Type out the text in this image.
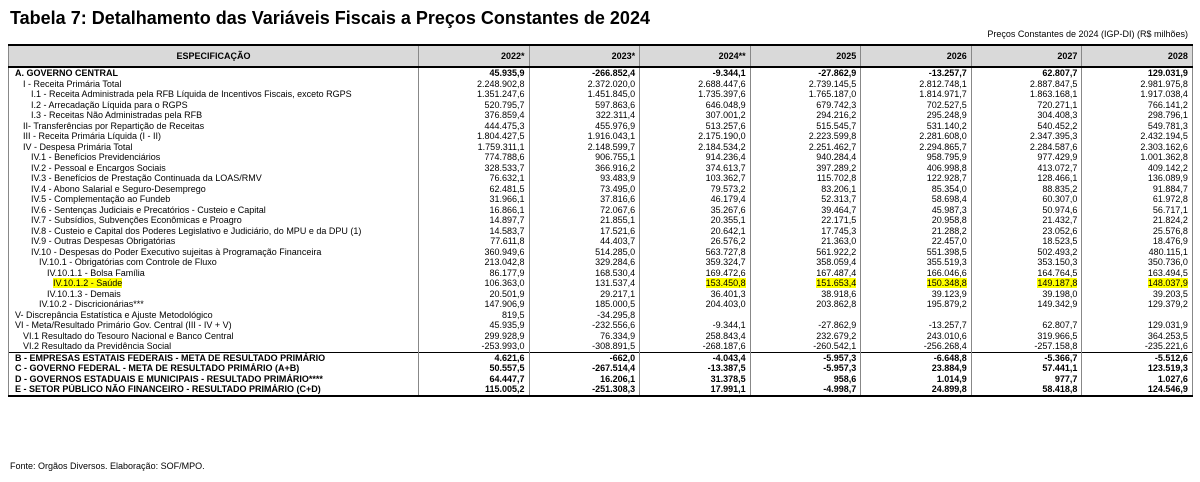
Tabela 7: Detalhamento das Variáveis Fiscais a Preços Constantes de 2024
Preços Constantes de 2024 (IGP-DI) (R$ milhões)
ESPECIFICAÇÃO	2022*	2023*	2024**	2025	2026	2027	2028
A. GOVERNO CENTRAL	45.935,9	-266.852,4	-9.344,1	-27.862,9	-13.257,7	62.807,7	129.031,9
I - Receita Primária Total	2.248.902,8	2.372.020,0	2.688.447,6	2.739.145,5	2.812.748,1	2.887.847,5	2.981.975,8
I.1 - Receita Administrada pela RFB Líquida de Incentivos Fiscais, exceto RGPS	1.351.247,6	1.451.845,0	1.735.397,6	1.765.187,0	1.814.971,7	1.863.168,1	1.917.038,4
I.2 - Arrecadação Líquida para o RGPS	520.795,7	597.863,6	646.048,9	679.742,3	702.527,5	720.271,1	766.141,2
I.3 - Receitas Não Administradas pela RFB	376.859,4	322.311,4	307.001,2	294.216,2	295.248,9	304.408,3	298.796,1
II- Transferências por Repartição de Receitas	444.475,3	455.976,9	513.257,6	515.545,7	531.140,2	540.452,2	549.781,3
III - Receita Primária Líquida (I - II)	1.804.427,5	1.916.043,1	2.175.190,0	2.223.599,8	2.281.608,0	2.347.395,3	2.432.194,5
IV - Despesa Primária Total	1.759.311,1	2.148.599,7	2.184.534,2	2.251.462,7	2.294.865,7	2.284.587,6	2.303.162,6
IV.1 - Benefícios Previdenciários	774.788,6	906.755,1	914.236,4	940.284,4	958.795,9	977.429,9	1.001.362,8
IV.2 - Pessoal e Encargos Sociais	328.533,7	366.916,2	374.613,7	397.289,2	406.998,8	413.072,7	409.142,2
IV.3 - Benefícios de Prestação Continuada da LOAS/RMV	76.632,1	93.483,9	103.362,7	115.702,8	122.928,7	128.466,1	136.089,9
IV.4 - Abono Salarial e Seguro-Desemprego	62.481,5	73.495,0	79.573,2	83.206,1	85.354,0	88.835,2	91.884,7
IV.5 - Complementação ao Fundeb	31.966,1	37.816,6	46.179,4	52.313,7	58.698,4	60.307,0	61.972,8
IV.6 - Sentenças Judiciais e Precatórios - Custeio e Capital	16.866,1	72.067,6	35.267,6	39.464,7	45.987,3	50.974,6	56.717,1
IV.7 - Subsídios, Subvenções Econômicas e Proagro	14.897,7	21.855,1	20.355,1	22.171,5	20.958,8	21.432,7	21.824,2
IV.8 - Custeio e Capital dos Poderes Legislativo e Judiciário, do MPU e da DPU (1)	14.583,7	17.521,6	20.642,1	17.745,3	21.288,2	23.052,6	25.576,8
IV.9 - Outras Despesas Obrigatórias	77.611,8	44.403,7	26.576,2	21.363,0	22.457,0	18.523,5	18.476,9
IV.10 - Despesas do Poder Executivo sujeitas à Programação Financeira	360.949,6	514.285,0	563.727,8	561.922,2	551.398,5	502.493,2	480.115,1
IV.10.1 - Obrigatórias com Controle de Fluxo	213.042,8	329.284,6	359.324,7	358.059,4	355.519,3	353.150,3	350.736,0
IV.10.1.1 - Bolsa Família	86.177,9	168.530,4	169.472,6	167.487,4	166.046,6	164.764,5	163.494,5
IV.10.1.2 - Saúde	106.363,0	131.537,4	153.450,8	151.653,4	150.348,8	149.187,8	148.037,9
IV.10.1.3 - Demais	20.501,9	29.217,1	36.401,3	38.918,6	39.123,9	39.198,0	39.203,5
IV.10.2 - Discricionárias***	147.906,9	185.000,5	204.403,0	203.862,8	195.879,2	149.342,9	129.379,2
V- Discrepância Estatística e Ajuste Metodológico	819,5	-34.295,8					
VI - Meta/Resultado Primário Gov. Central (III - IV + V)	45.935,9	-232.556,6	-9.344,1	-27.862,9	-13.257,7	62.807,7	129.031,9
VI.1 Resultado do Tesouro Nacional e Banco Central	299.928,9	76.334,9	258.843,4	232.679,2	243.010,6	319.966,5	364.253,5
VI.2 Resultado da Previdência Social	-253.993,0	-308.891,5	-268.187,6	-260.542,1	-256.268,4	-257.158,8	-235.221,6
B - EMPRESAS ESTATAIS FEDERAIS - META DE RESULTADO PRIMÁRIO	4.621,6	-662,0	-4.043,4	-5.957,3	-6.648,8	-5.366,7	-5.512,6
C - GOVERNO FEDERAL - META DE RESULTADO PRIMÁRIO (A+B)	50.557,5	-267.514,4	-13.387,5	-5.957,3	23.884,9	57.441,1	123.519,3
D - GOVERNOS ESTADUAIS E MUNICIPAIS - RESULTADO PRIMÁRIO****	64.447,7	16.206,1	31.378,5	958,6	1.014,9	977,7	1.027,6
E - SETOR PÚBLICO NÃO FINANCEIRO - RESULTADO PRIMÁRIO (C+D)	115.005,2	-251.308,3	17.991,1	-4.998,7	24.899,8	58.418,8	124.546,9
Fonte: Orgãos Diversos. Elaboração: SOF/MPO.
